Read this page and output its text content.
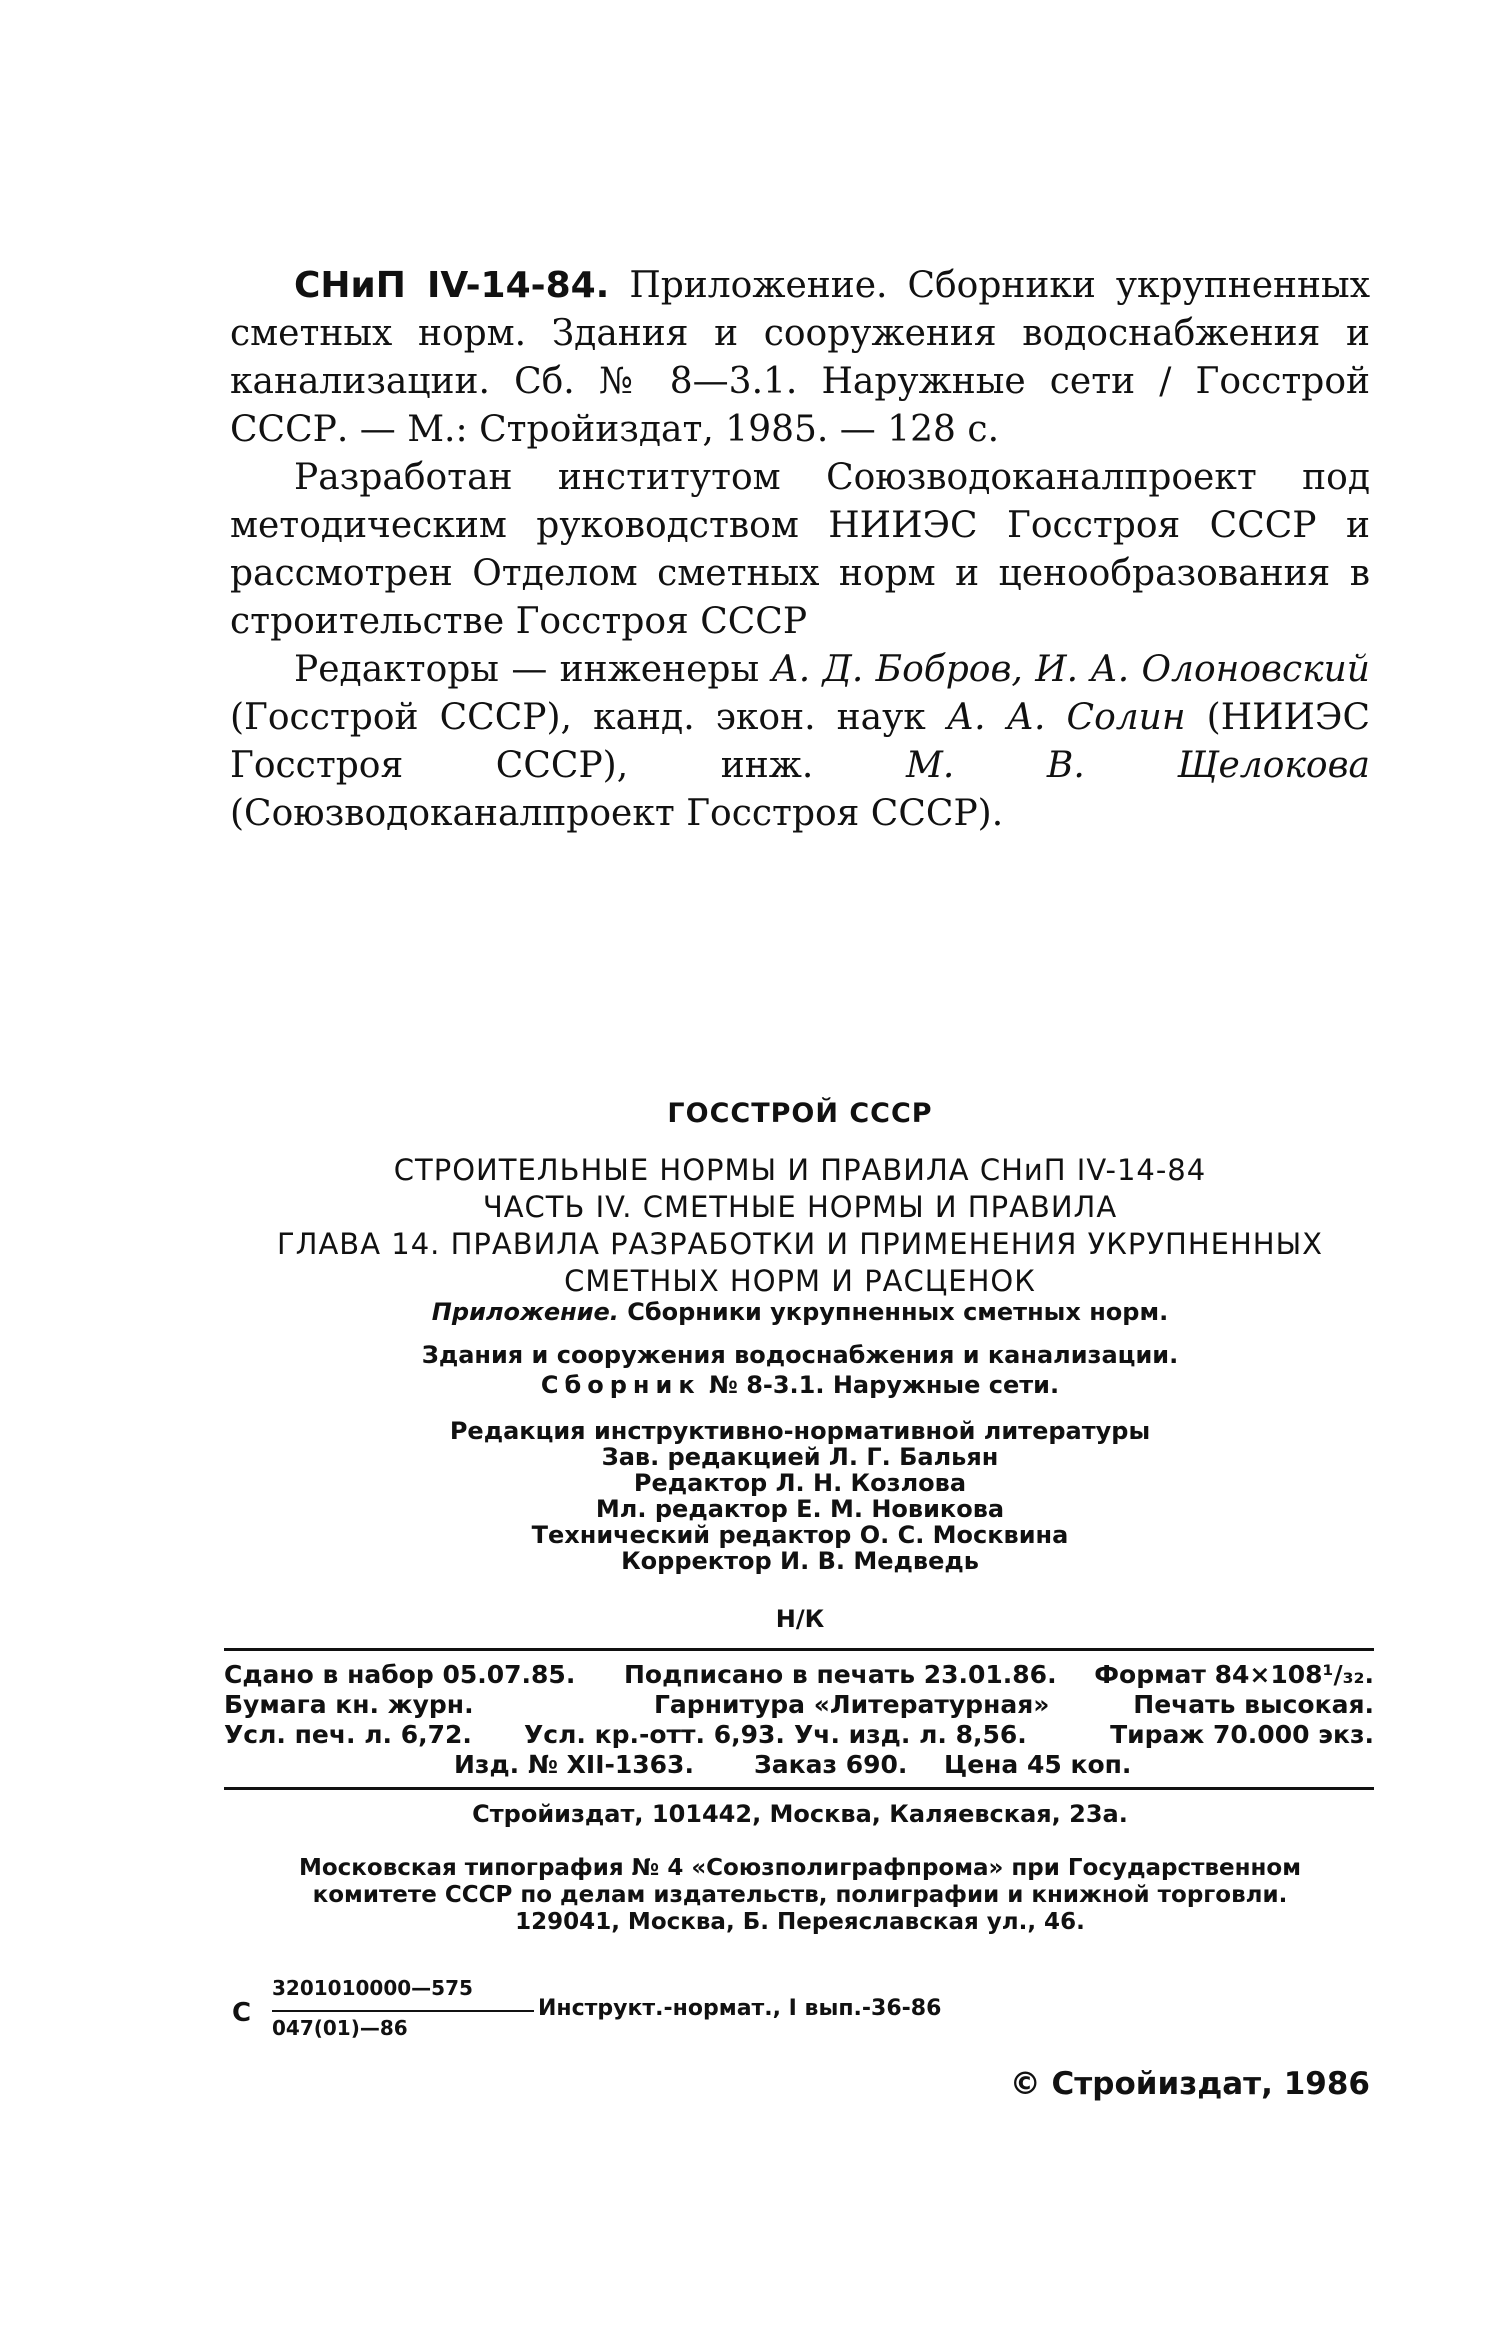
СНиП IV-14-84. Приложение. Сборники укрупненных сметных норм. Здания и сооружения водоснабжения и канализации. Сб. № 8—3.1. Наружные сети / Госстрой СССР. — М.: Стройиздат, 1985. — 128 с.

Разработан институтом Союзводоканалпроект под методическим руководством НИИЭС Госстроя СССР и рассмотрен Отделом сметных норм и ценообразования в строительстве Госстроя СССР

Редакторы — инженеры А. Д. Бобров, И. А. Олоновский (Госстрой СССР), канд. экон. наук А. А. Солин (НИИЭС Госстроя СССР), инж. М. В. Щелокова (Союзводоканалпроект Госстроя СССР).

ГОССТРОЙ СССР
СТРОИТЕЛЬНЫЕ НОРМЫ И ПРАВИЛА СНиП IV-14-84
ЧАСТЬ IV. СМЕТНЫЕ НОРМЫ И ПРАВИЛА
ГЛАВА 14. ПРАВИЛА РАЗРАБОТКИ И ПРИМЕНЕНИЯ УКРУПНЕННЫХ
СМЕТНЫХ НОРМ И РАСЦЕНОК
Приложение. Сборники укрупненных сметных норм.
Здания и сооружения водоснабжения и канализации.
Сборник № 8-3.1. Наружные сети.
Редакция инструктивно-нормативной литературы
Зав. редакцией Л. Г. Бальян
Редактор Л. Н. Козлова
Мл. редактор Е. М. Новикова
Технический редактор О. С. Москвина
Корректор И. В. Медведь
Н/К
Сдано в набор 05.07.85. Подписано в печать 23.01.86. Формат 84×108¹/₃₂.
Бумага кн. журн.	Гарнитура «Литературная»	Печать высокая.
Усл. печ. л. 6,72. Усл. кр.-отт. 6,93. Уч. изд. л. 8,56.	Тираж 70.000 экз.
Изд. № XII-1363. Заказ 690. Цена 45 коп.
Стройиздат, 101442, Москва, Каляевская, 23а.
Московская типография № 4 «Союзполиграфпрома» при Государственном
комитете СССР по делам издательств, полиграфии и книжной торговли.
129041, Москва, Б. Переяславская ул., 46.
С
3201010000—575
047(01)—86
Инструкт.-нормат., I вып.-36-86
© Стройиздат, 1986
